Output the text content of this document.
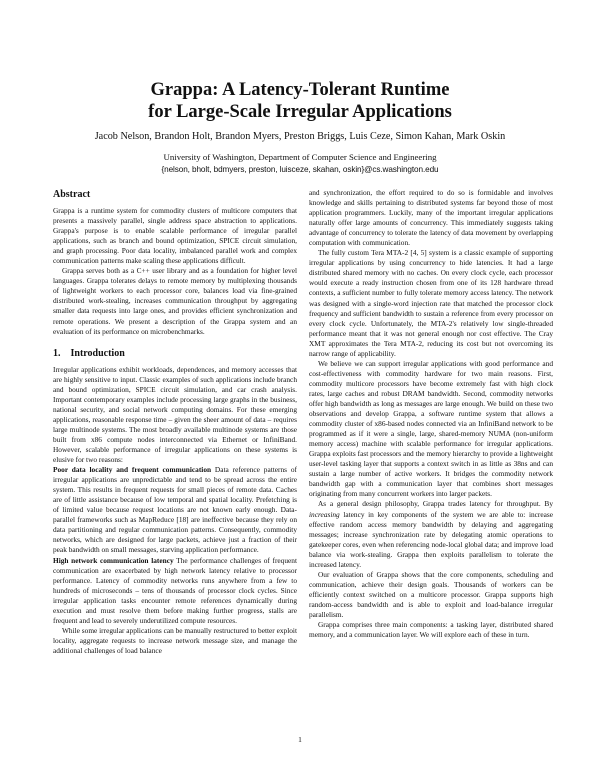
Grappa: A Latency-Tolerant Runtime
for Large-Scale Irregular Applications
Jacob Nelson, Brandon Holt, Brandon Myers, Preston Briggs, Luis Ceze, Simon Kahan, Mark Oskin
University of Washington, Department of Computer Science and Engineering
{nelson, bholt, bdmyers, preston, luisceze, skahan, oskin}@cs.washington.edu
Abstract

Grappa is a runtime system for commodity clusters of multicore computers that presents a massively parallel, single address space abstraction to applications. Grappa's purpose is to enable scalable performance of irregular parallel applications, such as branch and bound optimization, SPICE circuit simulation, and graph processing. Poor data locality, imbalanced parallel work and complex communication patterns make scaling these applications difficult.

Grappa serves both as a C++ user library and as a foundation for higher level languages. Grappa tolerates delays to remote memory by multiplexing thousands of lightweight workers to each processor core, balances load via fine-grained distributed work-stealing, increases communication throughput by aggregating smaller data requests into large ones, and provides efficient synchronization and remote operations. We present a description of the Grappa system and an evaluation of its performance on microbenchmarks.

1. Introduction

Irregular applications exhibit workloads, dependences, and memory accesses that are highly sensitive to input. Classic examples of such applications include branch and bound optimization, SPICE circuit simulation, and car crash analysis. Important contemporary examples include processing large graphs in the business, national security, and social network computing domains. For these emerging applications, reasonable response time – given the sheer amount of data – requires large multinode systems. The most broadly available multinode systems are those built from x86 compute nodes interconnected via Ethernet or InfiniBand. However, scalable performance of irregular applications on these systems is elusive for two reasons:

Poor data locality and frequent communication Data reference patterns of irregular applications are unpredictable and tend to be spread across the entire system. This results in frequent requests for small pieces of remote data. Caches are of little assistance because of low temporal and spatial locality. Prefetching is of limited value because request locations are not known early enough. Data-parallel frameworks such as MapReduce [18] are ineffective because they rely on data partitioning and regular communication patterns. Consequently, commodity networks, which are designed for large packets, achieve just a fraction of their peak bandwidth on small messages, starving application performance.

High network communication latency The performance challenges of frequent communication are exacerbated by high network latency relative to processor performance. Latency of commodity networks runs anywhere from a few to hundreds of microseconds – tens of thousands of processor clock cycles. Since irregular application tasks encounter remote references dynamically during execution and must resolve them before making further progress, stalls are frequent and lead to severely underutilized compute resources.

While some irregular applications can be manually restructured to better exploit locality, aggregate requests to increase network message size, and manage the additional challenges of load balance

and synchronization, the effort required to do so is formidable and involves knowledge and skills pertaining to distributed systems far beyond those of most application programmers. Luckily, many of the important irregular applications naturally offer large amounts of concurrency. This immediately suggests taking advantage of concurrency to tolerate the latency of data movement by overlapping computation with communication.

The fully custom Tera MTA-2 [4, 5] system is a classic example of supporting irregular applications by using concurrency to hide latencies. It had a large distributed shared memory with no caches. On every clock cycle, each processor would execute a ready instruction chosen from one of its 128 hardware thread contexts, a sufficient number to fully tolerate memory access latency. The network was designed with a single-word injection rate that matched the processor clock frequency and sufficient bandwidth to sustain a reference from every processor on every clock cycle. Unfortunately, the MTA-2's relatively low single-threaded performance meant that it was not general enough nor cost effective. The Cray XMT approximates the Tera MTA-2, reducing its cost but not overcoming its narrow range of applicability.

We believe we can support irregular applications with good performance and cost-effectiveness with commodity hardware for two main reasons. First, commodity multicore processors have become extremely fast with high clock rates, large caches and robust DRAM bandwidth. Second, commodity networks offer high bandwidth as long as messages are large enough. We build on these two observations and develop Grappa, a software runtime system that allows a commodity cluster of x86-based nodes connected via an InfiniBand network to be programmed as if it were a single, large, shared-memory NUMA (non-uniform memory access) machine with scalable performance for irregular applications. Grappa exploits fast processors and the memory hierarchy to provide a lightweight user-level tasking layer that supports a context switch in as little as 38ns and can sustain a large number of active workers. It bridges the commodity network bandwidth gap with a communication layer that combines short messages originating from many concurrent workers into larger packets.

As a general design philosophy, Grappa trades latency for throughput. By increasing latency in key components of the system we are able to: increase effective random access memory bandwidth by delaying and aggregating messages; increase synchronization rate by delegating atomic operations to gatekeeper cores, even when referencing node-local global data; and improve load balance via work-stealing. Grappa then exploits parallelism to tolerate the increased latency.

Our evaluation of Grappa shows that the core components, scheduling and communication, achieve their design goals. Thousands of workers can be efficiently context switched on a multicore processor. Grappa supports high random-access bandwidth and is able to exploit and load-balance irregular parallelism.

Grappa comprises three main components: a tasking layer, distributed shared memory, and a communication layer. We will explore each of these in turn.

1
